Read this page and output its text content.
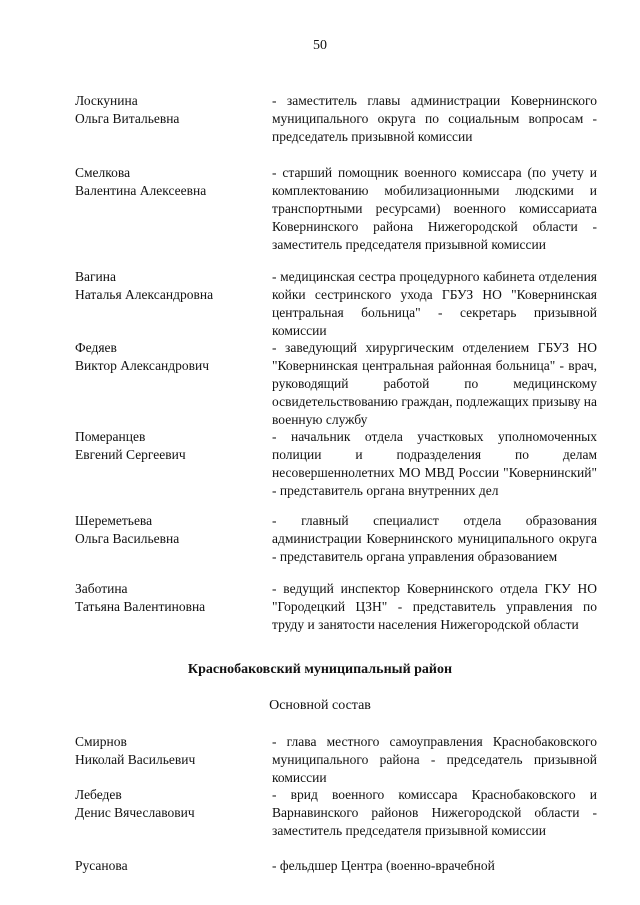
50
Лоскунина
Ольга Витальевна
- заместитель главы администрации Ковернинского муниципального округа по социальным вопросам - председатель призывной комиссии
Смелкова
Валентина Алексеевна
- старший помощник военного комиссара (по учету и комплектованию мобилизационными людскими и транспортными ресурсами) военного комиссариата Ковернинского района Нижегородской области - заместитель председателя призывной комиссии
Вагина
Наталья Александровна
- медицинская сестра процедурного кабинета отделения койки сестринского ухода ГБУЗ НО "Ковернинская центральная больница" - секретарь призывной комиссии
Федяев
Виктор Александрович
- заведующий хирургическим отделением ГБУЗ НО "Ковернинская центральная районная больница" - врач, руководящий работой по медицинскому освидетельствованию граждан, подлежащих призыву на военную службу
Померанцев
Евгений Сергеевич
- начальник отдела участковых уполномоченных полиции и подразделения по делам несовершеннолетних МО МВД России "Ковернинский" - представитель органа внутренних дел
Шереметьева
Ольга Васильевна
- главный специалист отдела образования администрации Ковернинского муниципального округа - представитель органа управления образованием
Заботина
Татьяна Валентиновна
- ведущий инспектор Ковернинского отдела ГКУ НО "Городецкий ЦЗН" - представитель управления по труду и занятости населения Нижегородской области
Краснобаковский муниципальный район
Основной состав
Смирнов
Николай Васильевич
- глава местного самоуправления Краснобаковского муниципального района - председатель призывной комиссии
Лебедев
Денис Вячеславович
- врид военного комиссара Краснобаковского и Варнавинского районов Нижегородской области - заместитель председателя призывной комиссии
Русанова	- фельдшер Центра (военно-врачебной
